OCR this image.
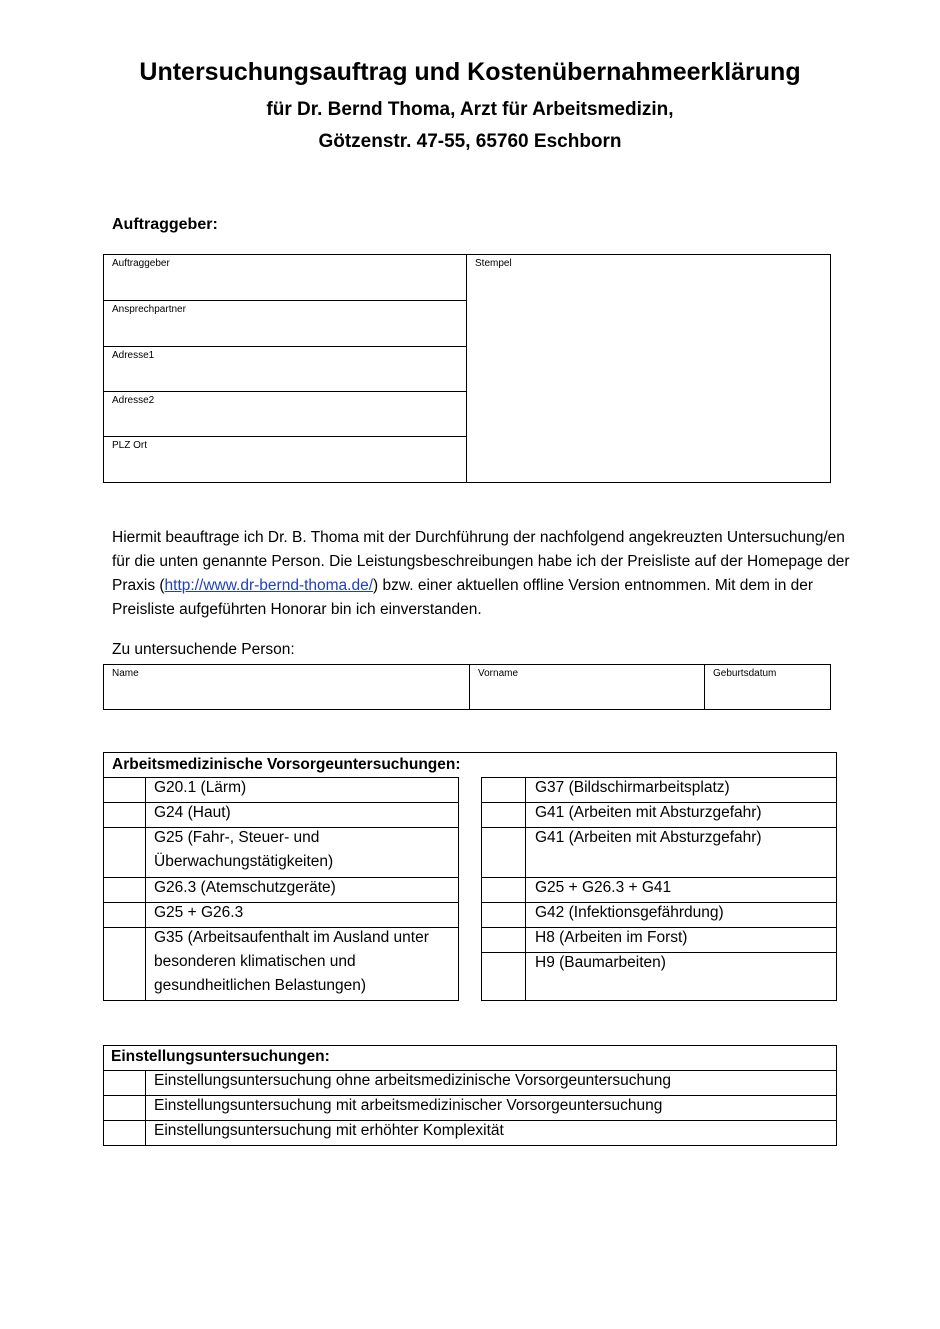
Untersuchungsauftrag und Kostenübernahmeerklärung
für Dr. Bernd Thoma, Arzt für Arbeitsmedizin,
Götzenstr. 47-55, 65760 Eschborn
Auftraggeber:
Auftraggeber
Ansprechpartner
Adresse1
Adresse2
PLZ Ort
Stempel
Hiermit beauftrage ich Dr. B. Thoma mit der Durchführung der nachfolgend angekreuzten Untersuchung/en für die unten genannte Person. Die Leistungsbeschreibungen habe ich der Preisliste auf der Homepage der Praxis (http://www.dr-bernd-thoma.de/) bzw. einer aktuellen offline Version entnommen. Mit dem in der Preisliste aufgeführten Honorar bin ich einverstanden.
Zu untersuchende Person:
Name	Vorname	Geburtsdatum
Arbeitsmedizinische Vorsorgeuntersuchungen:
G20.1 (Lärm)
G24 (Haut)
G25 (Fahr-, Steuer- und Überwachungstätigkeiten)
G26.3 (Atemschutzgeräte)
G25 + G26.3
G35 (Arbeitsaufenthalt im Ausland unter besonderen klimatischen und gesundheitlichen Belastungen)
G37 (Bildschirmarbeitsplatz)
G41 (Arbeiten mit Absturzgefahr)
G41 (Arbeiten mit Absturzgefahr)
G25 + G26.3 + G41
G42 (Infektionsgefährdung)
H8 (Arbeiten im Forst)
H9 (Baumarbeiten)
Einstellungsuntersuchungen:
Einstellungsuntersuchung ohne arbeitsmedizinische Vorsorgeuntersuchung
Einstellungsuntersuchung mit arbeitsmedizinischer Vorsorgeuntersuchung
Einstellungsuntersuchung mit erhöhter Komplexität
